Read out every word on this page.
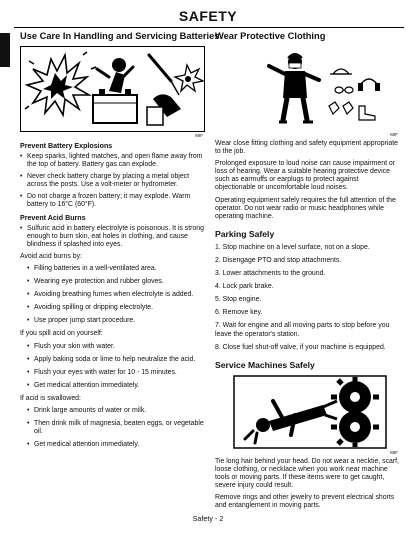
SAFETY
Use Care In Handling and Servicing Batteries
MIF
Prevent Battery Explosions
• Keep sparks, lighted matches, and open flame away from the top of battery. Battery gas can explode.
• Never check battery charge by placing a metal object across the posts. Use a volt-meter or hydrometer.
• Do not charge a frozen battery; it may explode. Warm battery to 16°C (60°F).
Prevent Acid Burns
• Sulfuric acid in battery electrolyte is poisonous. It is strong enough to burn skin, eat holes in clothing, and cause blindness if splashed into eyes.

Avoid acid burns by:

• Filling batteries in a well-ventilated area.
• Wearing eye protection and rubber gloves.
• Avoiding breathing fumes when electrolyte is added.
• Avoiding spilling or dripping electrolyte.
• Use proper jump start procedure.

If you spill acid on yourself:

• Flush your skin with water.
• Apply baking soda or lime to help neutralize the acid.
• Flush your eyes with water for 10 - 15 minutes.
• Get medical attention immediately.

If acid is swallowed:

• Drink large amounts of water or milk.
• Then drink milk of magnesia, beaten eggs, or vegetable oil.
• Get medical attention immediately.
Wear Protective Clothing
MIF

Wear close fitting clothing and safety equipment appropriate to the job.

Prolonged exposure to loud noise can cause impairment or loss of hearing. Wear a suitable hearing protective device such as earmuffs or earplugs to protect against objectionable or uncomfortable loud noises.

Operating equipment safely requires the full attention of the operator. Do not wear radio or music headphones while operating machine.

Parking Safely
1. Stop machine on a level surface, not on a slope.
2. Disengage PTO and stop attachments.
3. Lower attachments to the ground.
4. Lock park brake.
5. Stop engine.
6. Remove key.
7. Wait for engine and all moving parts to stop before you leave the operator's station.
8. Close fuel shut-off valve, if your machine is equipped.
Service Machines Safely
MIF

Tie long hair behind your head. Do not wear a necktie, scarf, loose clothing, or necklace when you work near machine tools or moving parts. If these items were to get caught, severe injury could result.

Remove rings and other jewelry to prevent electrical shorts and entanglement in moving parts.

Safety - 2
